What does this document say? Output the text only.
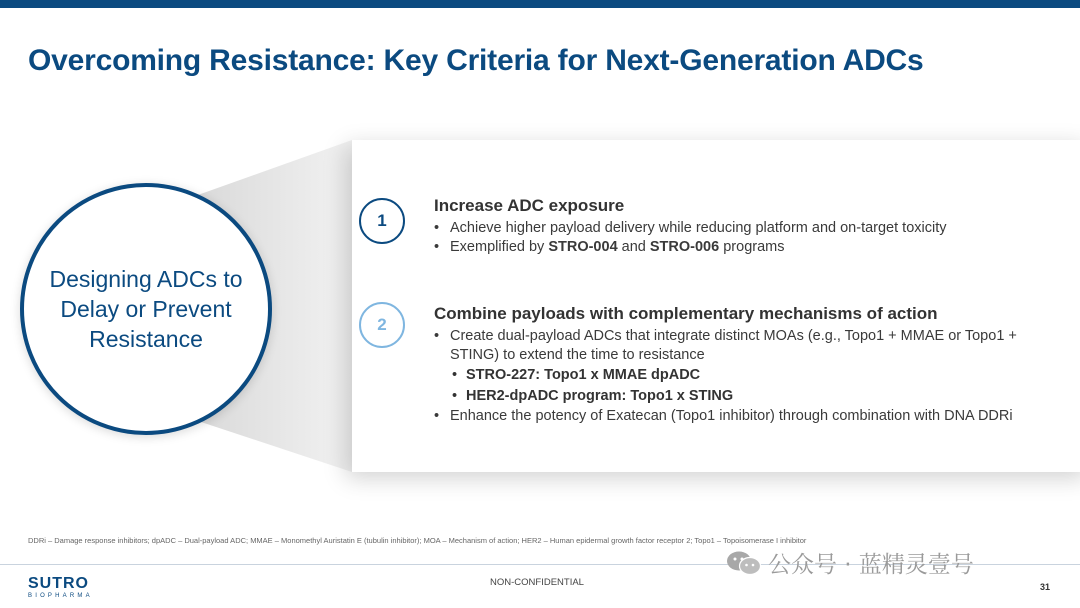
Overcoming Resistance: Key Criteria for Next-Generation ADCs
Designing ADCs to Delay or Prevent Resistance
1
2
Increase ADC exposure
• Achieve higher payload delivery while reducing platform and on-target toxicity
• Exemplified by STRO-004 and STRO-006 programs
Combine payloads with complementary mechanisms of action
• Create dual-payload ADCs that integrate distinct MOAs (e.g., Topo1 + MMAE or Topo1 + STING) to extend the time to resistance
• STRO-227: Topo1 x MMAE dpADC
• HER2-dpADC program: Topo1 x STING
• Enhance the potency of Exatecan (Topo1 inhibitor) through combination with DNA DDRi
DDRi – Damage response inhibitors; dpADC – Dual-payload ADC; MMAE – Monomethyl Auristatin E (tubulin inhibitor); MOA – Mechanism of action; HER2 – Human epidermal growth factor receptor 2; Topo1 – Topoisomerase I inhibitor
SUTRO
BIOPHARMA
NON-CONFIDENTIAL	31
公众号 · 蓝精灵壹号
